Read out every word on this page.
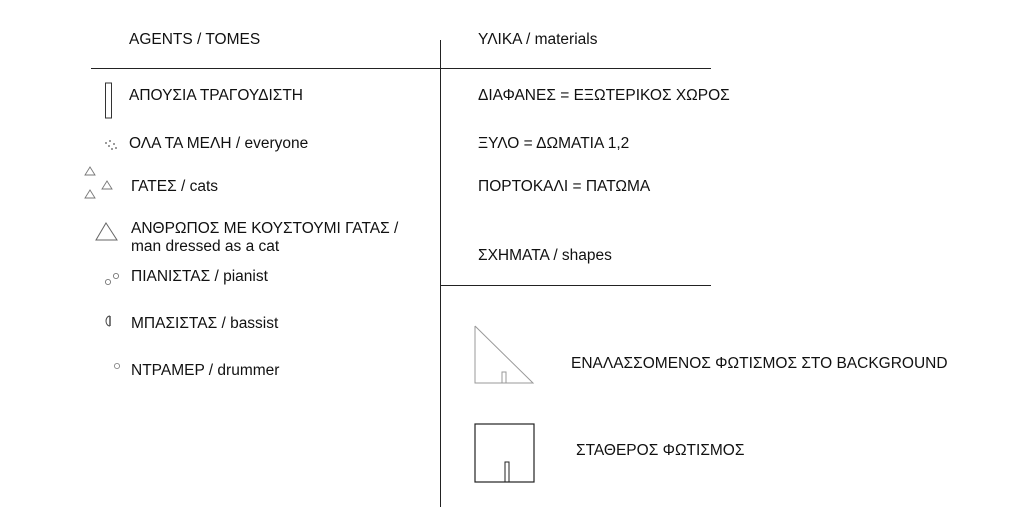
AGENTS / TOMES	ΥΛΙΚΑ / materials
ΑΠΟΥΣΙΑ ΤΡΑΓΟΥΔΙΣΤΗ
ΟΛΑ ΤΑ ΜΕΛΗ / everyone
ΓΑΤΕΣ / cats
ΑΝΘΡΩΠΟΣ ΜΕ ΚΟΥΣΤΟΥΜΙ ΓΑΤΑΣ /
man dressed as a cat
ΠΙΑΝΙΣΤΑΣ / pianist
ΜΠΑΣΙΣΤΑΣ / bassist
ΝΤΡΑΜΕΡ / drummer
ΔΙΑΦΑΝΕΣ = ΕΞΩΤΕΡΙΚΟΣ ΧΩΡΟΣ
ΞΥΛΟ = ΔΩΜΑΤΙΑ 1,2
ΠΟΡΤΟΚΑΛΙ = ΠΑΤΩΜΑ
ΣΧΗΜΑΤΑ / shapes
ΕΝΑΛΑΣΣΟΜΕΝΟΣ ΦΩΤΙΣΜΟΣ ΣΤΟ BACKGROUND
ΣΤΑΘΕΡΟΣ ΦΩΤΙΣΜΟΣ
